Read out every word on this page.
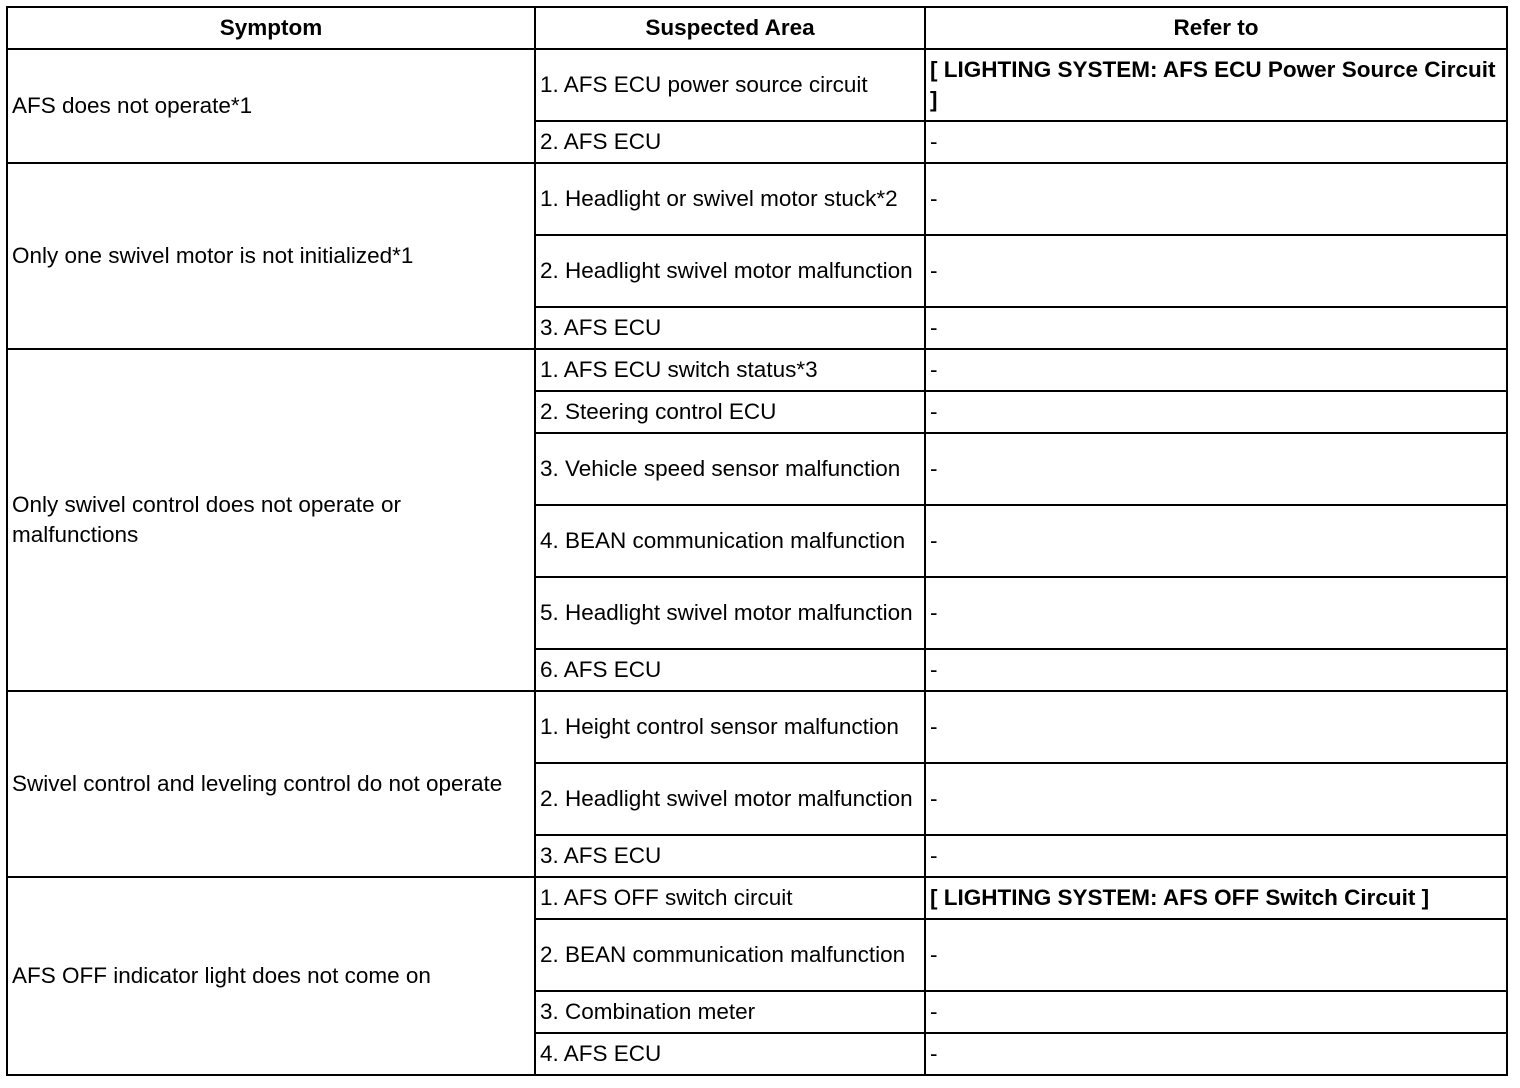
Symptom	Suspected Area	Refer to
AFS does not operate*1	1. AFS ECU power source circuit	[ LIGHTING SYSTEM: AFS ECU Power Source Circuit ]
	2. AFS ECU	-
Only one swivel motor is not initialized*1	1. Headlight or swivel motor stuck*2	-
	2. Headlight swivel motor malfunction	-
	3. AFS ECU	-
Only swivel control does not operate or malfunctions	1. AFS ECU switch status*3	-
	2. Steering control ECU	-
	3. Vehicle speed sensor malfunction	-
	4. BEAN communication malfunction	-
	5. Headlight swivel motor malfunction	-
	6. AFS ECU	-
Swivel control and leveling control do not operate	1. Height control sensor malfunction	-
	2. Headlight swivel motor malfunction	-
	3. AFS ECU	-
AFS OFF indicator light does not come on	1. AFS OFF switch circuit	[ LIGHTING SYSTEM: AFS OFF Switch Circuit ]
	2. BEAN communication malfunction	-
	3. Combination meter	-
	4. AFS ECU	-
